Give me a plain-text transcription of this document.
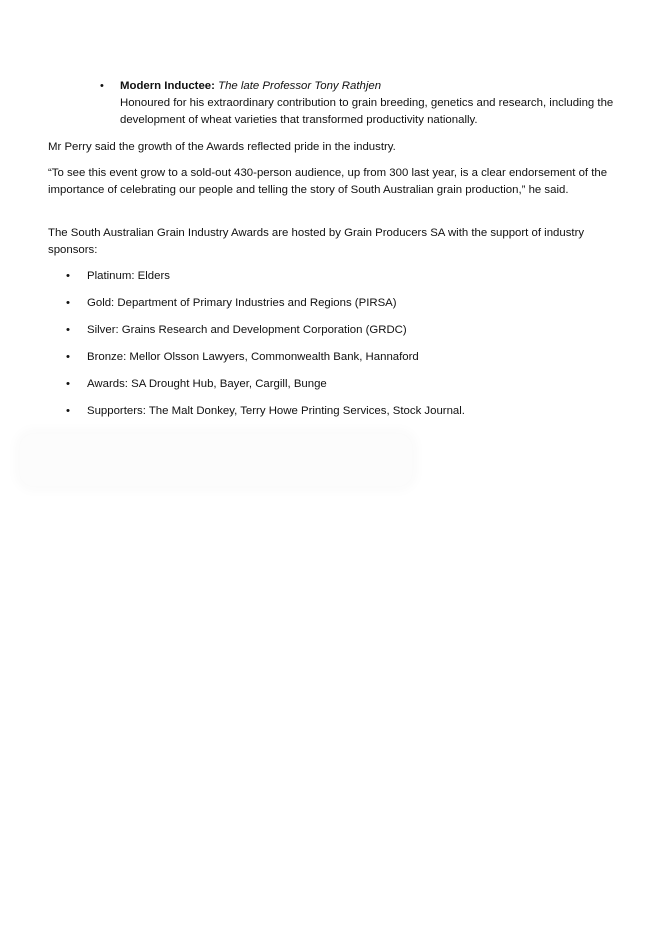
• Modern Inductee: The late Professor Tony Rathjen
Honoured for his extraordinary contribution to grain breeding, genetics and research, including the development of wheat varieties that transformed productivity nationally.

Mr Perry said the growth of the Awards reflected pride in the industry.

“To see this event grow to a sold-out 430-person audience, up from 300 last year, is a clear endorsement of the importance of celebrating our people and telling the story of South Australian grain production,” he said.

The South Australian Grain Industry Awards are hosted by Grain Producers SA with the support of industry sponsors:

• Platinum: Elders
• Gold: Department of Primary Industries and Regions (PIRSA)
• Silver: Grains Research and Development Corporation (GRDC)
• Bronze: Mellor Olsson Lawyers, Commonwealth Bank, Hannaford
• Awards: SA Drought Hub, Bayer, Cargill, Bunge
• Supporters: The Malt Donkey, Terry Howe Printing Services, Stock Journal.
